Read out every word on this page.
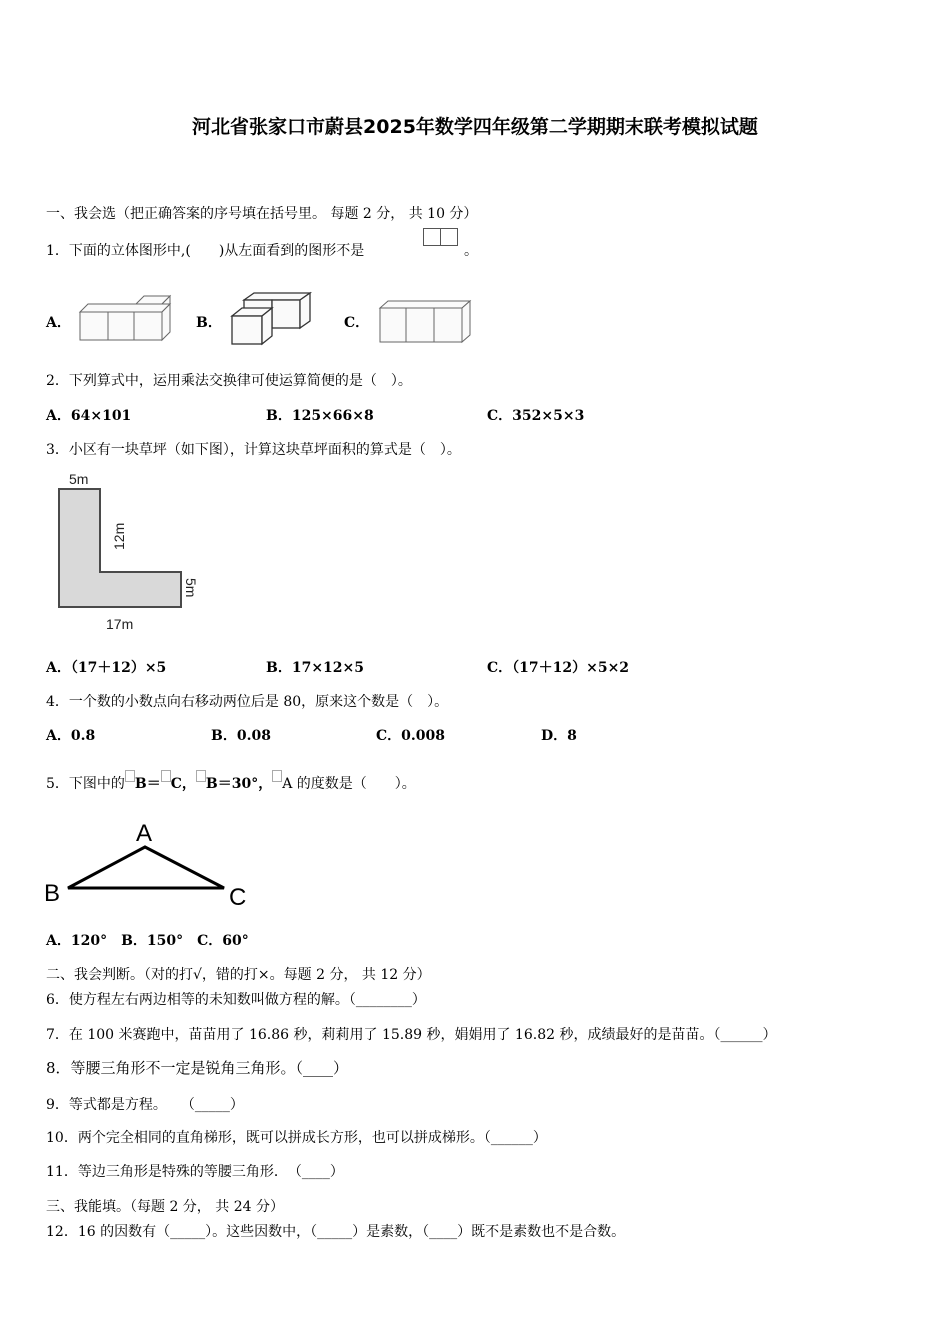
河北省张家口市蔚县2025年数学四年级第二学期期末联考模拟试题
一、我会选（把正确答案的序号填在括号里。 每题 2 分， 共 10 分）
1．下面的立体图形中,(　　)从左面看到的图形不是	。
A．	B．	C．
2．下列算式中，运用乘法交换律可使运算简便的是（　）。
A．64×101	B．125×66×8	C．352×5×3
3．小区有一块草坪（如下图），计算这块草坪面积的算式是（　）。
5m
12m
5m
17m
A．（17＋12）×5	B．17×12×5	C．（17＋12）×5×2
4．一个数的小数点向右移动两位后是 80，原来这个数是（　）。
A．0.8	B．0.08	C．0.008	D．8
5．下图中的 B＝ C， B＝30°， A 的度数是（　　）。
A
B	C
A．120°　B．150°　C．60°
二、我会判断。（对的打√，错的打×。每题 2 分， 共 12 分）
6．使方程左右两边相等的未知数叫做方程的解。（________）
7．在 100 米赛跑中，苗苗用了 16.86 秒，莉莉用了 15.89 秒，娟娟用了 16.82 秒，成绩最好的是苗苗。（______）
8．等腰三角形不一定是锐角三角形。（____）
9．等式都是方程。　　（_____）
10．两个完全相同的直角梯形，既可以拼成长方形，也可以拼成梯形。（______）
11．等边三角形是特殊的等腰三角形．　（____）
三、我能填。（每题 2 分， 共 24 分）
12．16 的因数有（_____）。这些因数中，（_____）是素数，（____）既不是素数也不是合数。
